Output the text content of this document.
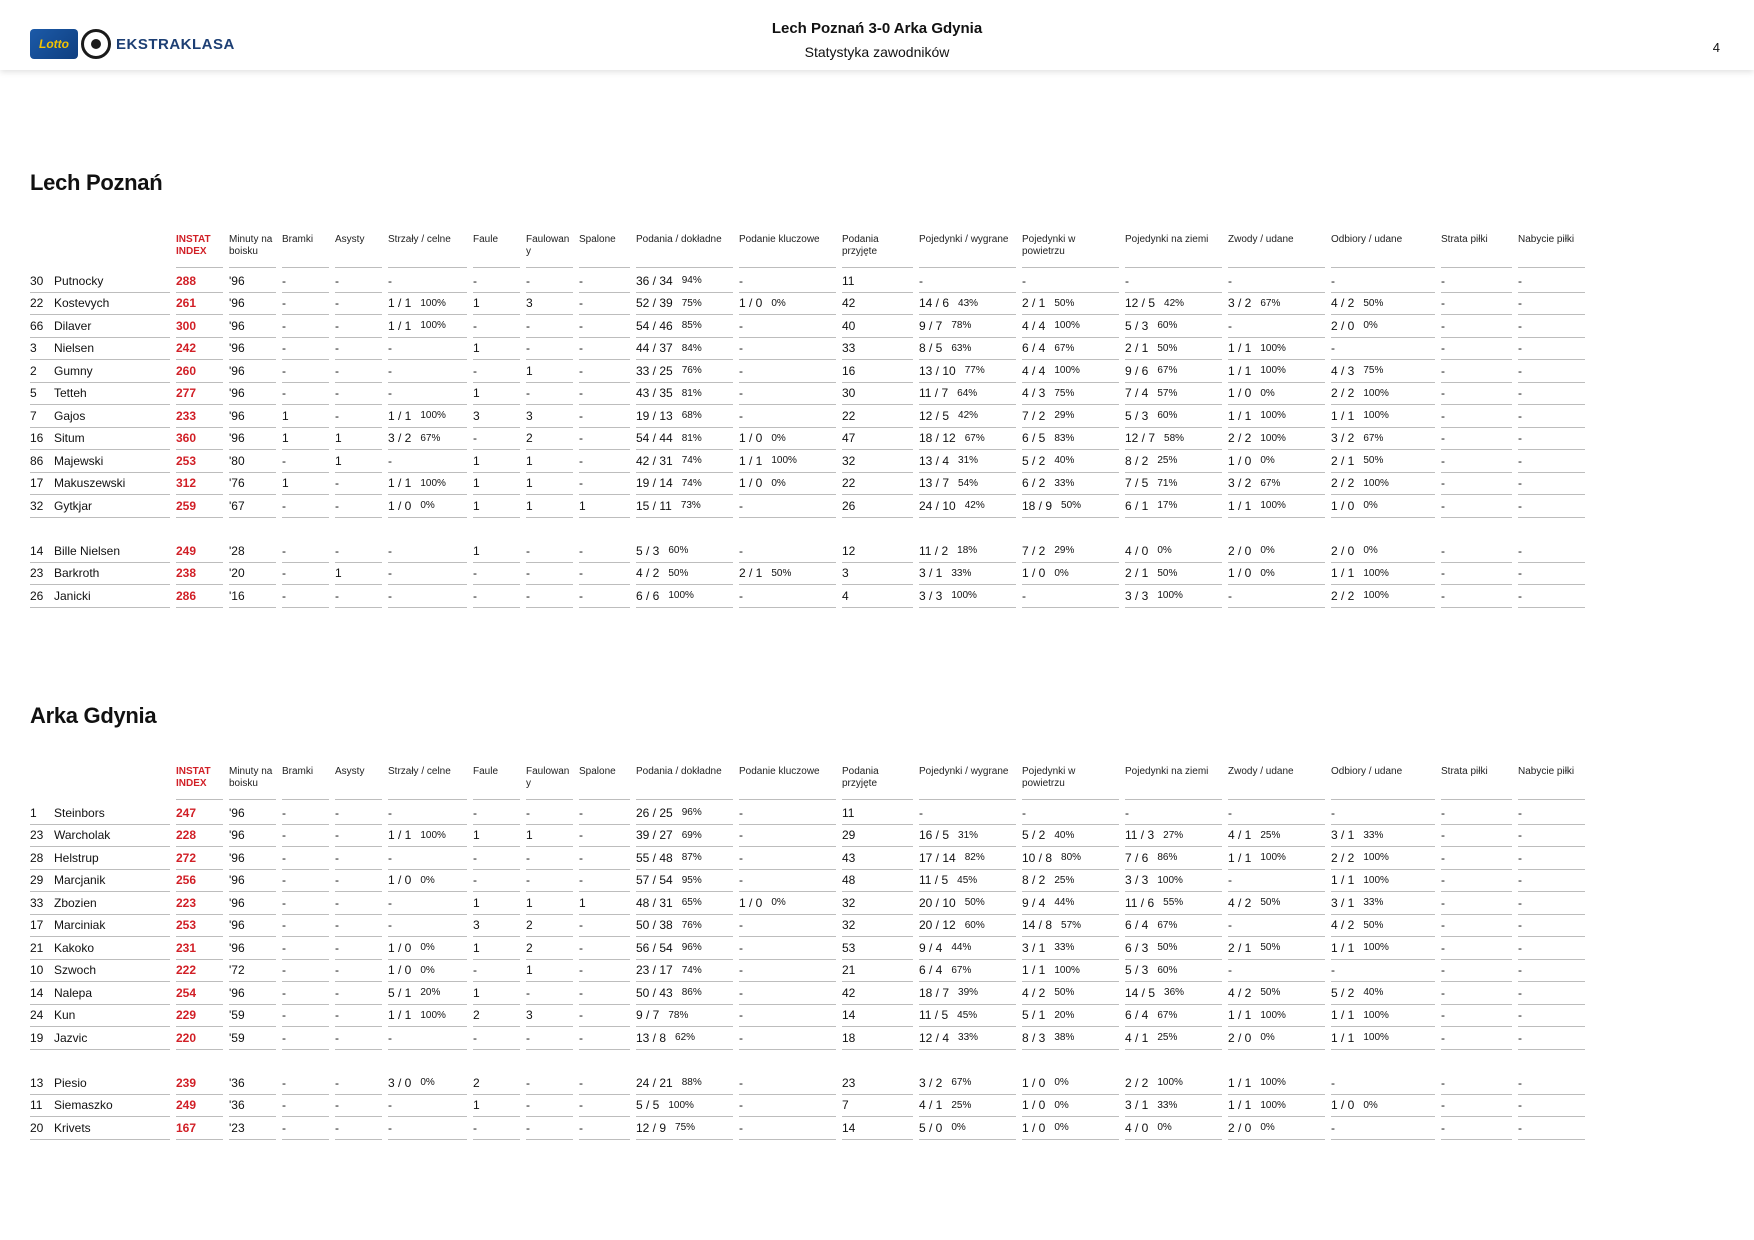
Lotto	EKSTRAKLASA
Lech Poznań 3-0 Arka Gdynia
Statystyka zawodników	4
Lech Poznań

	INSTAT INDEX	Minuty na boisku	Bramki	Asysty	Strzały / celne	Faule	Faulowan y	Spalone	Podania / dokładne	Podanie kluczowe	Podania przyjęte	Pojedynki / wygrane	Pojedynki w powietrzu	Pojedynki na ziemi	Zwody / udane	Odbiory / udane	Strata piłki	Nabycie piłki

30 Putnocky	288	'96	-	-	-	-	-	-	36 / 34 94%	-	11	-	-	-	-	-	-	-

22 Kostevych	261	'96	-	-	1 / 1 100%	1	3	-	52 / 39 75%	1 / 0 0%	42	14 / 6 43%	2 / 1 50%	12 / 5 42%	3 / 2 67%	4 / 2 50%	-	-

66 Dilaver	300	'96	-	-	1 / 1 100%	-	-	-	54 / 46 85%	-	40	9 / 7 78%	4 / 4 100%	5 / 3 60%	-	2 / 0 0%	-	-

3 Nielsen	242	'96	-	-	-	1	-	-	44 / 37 84%	-	33	8 / 5 63%	6 / 4 67%	2 / 1 50%	1 / 1 100%	-	-	-

2 Gumny	260	'96	-	-	-	-	1	-	33 / 25 76%	-	16	13 / 10 77%	4 / 4 100%	9 / 6 67%	1 / 1 100%	4 / 3 75%	-	-

5 Tetteh	277	'96	-	-	-	1	-	-	43 / 35 81%	-	30	11 / 7 64%	4 / 3 75%	7 / 4 57%	1 / 0 0%	2 / 2 100%	-	-

7 Gajos	233	'96	1	-	1 / 1 100%	3	3	-	19 / 13 68%	-	22	12 / 5 42%	7 / 2 29%	5 / 3 60%	1 / 1 100%	1 / 1 100%	-	-

16 Situm	360	'96	1	1	3 / 2 67%	-	2	-	54 / 44 81%	1 / 0 0%	47	18 / 12 67%	6 / 5 83%	12 / 7 58%	2 / 2 100%	3 / 2 67%	-	-

86 Majewski	253	'80	-	1	-	1	1	-	42 / 31 74%	1 / 1 100%	32	13 / 4 31%	5 / 2 40%	8 / 2 25%	1 / 0 0%	2 / 1 50%	-	-

17 Makuszewski	312	'76	1	-	1 / 1 100%	1	1	-	19 / 14 74%	1 / 0 0%	22	13 / 7 54%	6 / 2 33%	7 / 5 71%	3 / 2 67%	2 / 2 100%	-	-

32 Gytkjar	259	'67	-	-	1 / 0 0%	1	1	1	15 / 11 73%	-	26	24 / 10 42%	18 / 9 50%	6 / 1 17%	1 / 1 100%	1 / 0 0%	-	-

14 Bille Nielsen	249	'28	-	-	-	1	-	-	5 / 3 60%	-	12	11 / 2 18%	7 / 2 29%	4 / 0 0%	2 / 0 0%	2 / 0 0%	-	-

23 Barkroth	238	'20	-	1	-	-	-	-	4 / 2 50%	2 / 1 50%	3	3 / 1 33%	1 / 0 0%	2 / 1 50%	1 / 0 0%	1 / 1 100%	-	-

26 Janicki	286	'16	-	-	-	-	-	-	6 / 6 100%	-	4	3 / 3 100%	-	3 / 3 100%	-	2 / 2 100%	-	-
Arka Gdynia

	INSTAT INDEX	Minuty na boisku	Bramki	Asysty	Strzały / celne	Faule	Faulowan y	Spalone	Podania / dokładne	Podanie kluczowe	Podania przyjęte	Pojedynki / wygrane	Pojedynki w powietrzu	Pojedynki na ziemi	Zwody / udane	Odbiory / udane	Strata piłki	Nabycie piłki

1 Steinbors	247	'96	-	-	-	-	-	-	26 / 25 96%	-	11	-	-	-	-	-	-	-

23 Warcholak	228	'96	-	-	1 / 1 100%	1	1	-	39 / 27 69%	-	29	16 / 5 31%	5 / 2 40%	11 / 3 27%	4 / 1 25%	3 / 1 33%	-	-

28 Helstrup	272	'96	-	-	-	-	-	-	55 / 48 87%	-	43	17 / 14 82%	10 / 8 80%	7 / 6 86%	1 / 1 100%	2 / 2 100%	-	-

29 Marcjanik	256	'96	-	-	1 / 0 0%	-	-	-	57 / 54 95%	-	48	11 / 5 45%	8 / 2 25%	3 / 3 100%	-	1 / 1 100%	-	-

33 Zbozien	223	'96	-	-	-	1	1	1	48 / 31 65%	1 / 0 0%	32	20 / 10 50%	9 / 4 44%	11 / 6 55%	4 / 2 50%	3 / 1 33%	-	-

17 Marciniak	253	'96	-	-	-	3	2	-	50 / 38 76%	-	32	20 / 12 60%	14 / 8 57%	6 / 4 67%	-	4 / 2 50%	-	-

21 Kakoko	231	'96	-	-	1 / 0 0%	1	2	-	56 / 54 96%	-	53	9 / 4 44%	3 / 1 33%	6 / 3 50%	2 / 1 50%	1 / 1 100%	-	-

10 Szwoch	222	'72	-	-	1 / 0 0%	-	1	-	23 / 17 74%	-	21	6 / 4 67%	1 / 1 100%	5 / 3 60%	-	-	-	-

14 Nalepa	254	'96	-	-	5 / 1 20%	1	-	-	50 / 43 86%	-	42	18 / 7 39%	4 / 2 50%	14 / 5 36%	4 / 2 50%	5 / 2 40%	-	-

24 Kun	229	'59	-	-	1 / 1 100%	2	3	-	9 / 7 78%	-	14	11 / 5 45%	5 / 1 20%	6 / 4 67%	1 / 1 100%	1 / 1 100%	-	-

19 Jazvic	220	'59	-	-	-	-	-	-	13 / 8 62%	-	18	12 / 4 33%	8 / 3 38%	4 / 1 25%	2 / 0 0%	1 / 1 100%	-	-

13 Piesio	239	'36	-	-	3 / 0 0%	2	-	-	24 / 21 88%	-	23	3 / 2 67%	1 / 0 0%	2 / 2 100%	1 / 1 100%	-	-	-

11 Siemaszko	249	'36	-	-	-	1	-	-	5 / 5 100%	-	7	4 / 1 25%	1 / 0 0%	3 / 1 33%	1 / 1 100%	1 / 0 0%	-	-

20 Krivets	167	'23	-	-	-	-	-	-	12 / 9 75%	-	14	5 / 0 0%	1 / 0 0%	4 / 0 0%	2 / 0 0%	-	-	-
